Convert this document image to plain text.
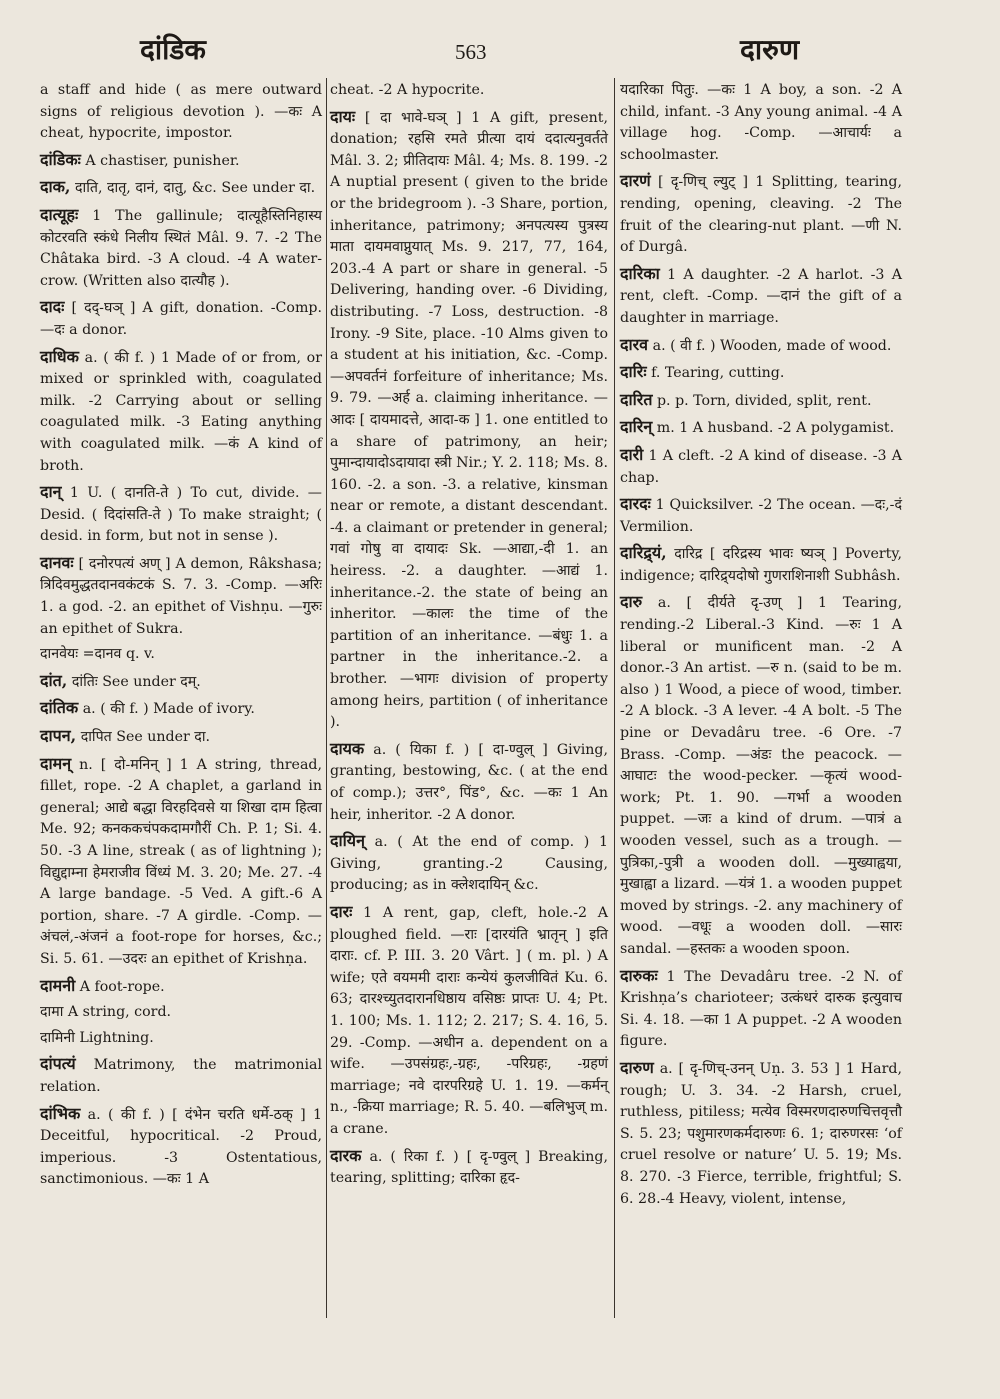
दांडिक	563	दारुण

a staff and hide ( as mere outward signs of religious devotion ). —कः A cheat, hypocrite, impostor.

दांडिकः A chastiser, punisher.

दाक, दाति, दातृ, दानं, दातु, &c. See under दा.

दात्यूहः 1 The gallinule; दात्यूहैस्तिनिहास्य कोटरवति स्कंधे निलीय स्थितं Mâl. 9. 7. -2 The Châtaka bird. -3 A cloud. -4 A water-crow. (Written also दात्यौह ).

दादः [ दद्-घञ् ] A gift, donation. -Comp. —दः a donor.

दाधिक a. ( की f. ) 1 Made of or from, or mixed or sprinkled with, coagulated milk. -2 Carrying about or selling coagulated milk. -3 Eating anything with coagulated milk. —कं A kind of broth.

दान् 1 U. ( दानति-ते ) To cut, divide. —Desid. ( दिदांसति-ते ) To make straight; ( desid. in form, but not in sense ).

दानवः [ दनोरपत्यं अण् ] A demon, Râkshasa; त्रिदिवमुद्धतदानवकंटकं S. 7. 3. -Comp. —अरिः 1. a god. -2. an epithet of Vishṇu. —गुरुः an epithet of Sukra.

दानवेयः =दानव q. v.

दांत, दांतिः See under दम्.

दांतिक a. ( की f. ) Made of ivory.

दापन, दापित See under दा.

दामन् n. [ दो-मनिन् ] 1 A string, thread, fillet, rope. -2 A chaplet, a garland in general; आद्ये बद्धा विरहदिवसे या शिखा दाम हित्वा Me. 92; कनककचंपकदामगौरीं Ch. P. 1; Si. 4. 50. -3 A line, streak ( as of lightning ); विद्युद्दाम्ना हेमराजीव विंध्यं M. 3. 20; Me. 27. -4 A large bandage. -5 Ved. A gift.-6 A portion, share. -7 A girdle. -Comp. —अंचलं,-अंजनं a foot-rope for horses, &c.; Si. 5. 61. —उदरः an epithet of Krishṇa.

दामनी A foot-rope.

दामा A string, cord.

दामिनी Lightning.

दांपत्यं Matrimony, the matrimonial relation.

दांभिक a. ( की f. ) [ दंभेन चरति धर्मे-ठक् ] 1 Deceitful, hypocritical. -2 Proud, imperious. -3 Ostentatious, sanctimonious. —कः 1 A

cheat. -2 A hypocrite.

दायः [ दा भावे-घञ् ] 1 A gift, present, donation; रहसि रमते प्रीत्या दायं ददात्यनुवर्तते Mâl. 3. 2; प्रीतिदायः Mâl. 4; Ms. 8. 199. -2 A nuptial present ( given to the bride or the bridegroom ). -3 Share, portion, inheritance, patrimony; अनपत्यस्य पुत्रस्य माता दायमवाप्नुयात् Ms. 9. 217, 77, 164, 203.-4 A part or share in general. -5 Delivering, handing over. -6 Dividing, distributing. -7 Loss, destruction. -8 Irony. -9 Site, place. -10 Alms given to a student at his initiation, &c. -Comp. —अपवर्तनं forfeiture of inheritance; Ms. 9. 79. —अर्ह a. claiming inheritance. —आदः [ दायमादत्ते, आदा-क ] 1. one entitled to a share of patrimony, an heir; पुमान्दायादोऽदायादा स्त्री Nir.; Y. 2. 118; Ms. 8. 160. -2. a son. -3. a relative, kinsman near or remote, a distant descendant. -4. a claimant or pretender in general; गवां गोषु वा दायादः Sk. —आद्या,-दी 1. an heiress. -2. a daughter. —आद्यं 1. inheritance.-2. the state of being an inheritor. —कालः the time of the partition of an inheritance. —बंधुः 1. a partner in the inheritance.-2. a brother. —भागः division of property among heirs, partition ( of inheritance ).

दायक a. ( यिका f. ) [ दा-ण्वुल् ] Giving, granting, bestowing, &c. ( at the end of comp.); उत्तर°, पिंड°, &c. —कः 1 An heir, inheritor. -2 A donor.

दायिन् a. ( At the end of comp. ) 1 Giving, granting.-2 Causing, producing; as in क्लेशदायिन् &c.

दारः 1 A rent, gap, cleft, hole.-2 A ploughed field. —राः [दारयंति भ्रातृन् ] इति दाराः. cf. P. III. 3. 20 Vârt. ] ( m. pl. ) A wife; एते वयममी दाराः कन्येयं कुलजीवितं Ku. 6. 63; दारश्च्युतदारानधिष्ठाय वसिष्ठः प्राप्तः U. 4; Pt. 1. 100; Ms. 1. 112; 2. 217; S. 4. 16, 5. 29. -Comp. —अधीन a. dependent on a wife. —उपसंग्रहः,-ग्रहः, -परिग्रहः, -ग्रहणं marriage; नवे दारपरिग्रहे U. 1. 19. —कर्मन् n., -क्रिया marriage; R. 5. 40. —बलिभुज् m. a crane.

दारक a. ( रिका f. ) [ दृ-ण्वुल् ] Breaking, tearing, splitting; दारिका हृद-

यदारिका पितुः. —कः 1 A boy, a son. -2 A child, infant. -3 Any young animal. -4 A village hog. -Comp. —आचार्यः a schoolmaster.

दारणं [ दृ-णिच् ल्युट् ] 1 Splitting, tearing, rending, opening, cleaving. -2 The fruit of the clearing-nut plant. —णी N. of Durgâ.

दारिका 1 A daughter. -2 A harlot. -3 A rent, cleft. -Comp. —दानं the gift of a daughter in marriage.

दारव a. ( वी f. ) Wooden, made of wood.

दारिः f. Tearing, cutting.

दारित p. p. Torn, divided, split, rent.

दारिन् m. 1 A husband. -2 A polygamist.

दारी 1 A cleft. -2 A kind of disease. -3 A chap.

दारदः 1 Quicksilver. -2 The ocean. —दः,-दं Vermilion.

दारिद्र्यं, दारिद्र [ दरिद्रस्य भावः ष्यञ् ] Poverty, indigence; दारिद्र्यदोषो गुणराशिनाशी Subhâsh.

दारु a. [ दीर्यते दृ-उण् ] 1 Tearing, rending.-2 Liberal.-3 Kind. —रुः 1 A liberal or munificent man. -2 A donor.-3 An artist. —रु n. (said to be m. also ) 1 Wood, a piece of wood, timber. -2 A block. -3 A lever. -4 A bolt. -5 The pine or Devadâru tree. -6 Ore. -7 Brass. -Comp. —अंडः the peacock. —आघाटः the wood-pecker. —कृत्यं wood-work; Pt. 1. 90. —गर्भा a wooden puppet. —जः a kind of drum. —पात्रं a wooden vessel, such as a trough. —पुत्रिका,-पुत्री a wooden doll. —मुख्याह्वया, मुखाह्वा a lizard. —यंत्रं 1. a wooden puppet moved by strings. -2. any machinery of wood. —वधूः a wooden doll. —सारः sandal. —हस्तकः a wooden spoon.

दारुकः 1 The Devadâru tree. -2 N. of Krishṇa’s charioteer; उत्कंधरं दारुक इत्युवाच Si. 4. 18. —का 1 A puppet. -2 A wooden figure.

दारुण a. [ दृ-णिच्-उनन् Uṇ. 3. 53 ] 1 Hard, rough; U. 3. 34. -2 Harsh, cruel, ruthless, pitiless; मत्येव विस्मरणदारुणचित्तवृत्तौ S. 5. 23; पशुमारणकर्मदारुणः 6. 1; दारुणरसः ‘of cruel resolve or nature’ U. 5. 19; Ms. 8. 270. -3 Fierce, terrible, frightful; S. 6. 28.-4 Heavy, violent, intense,
